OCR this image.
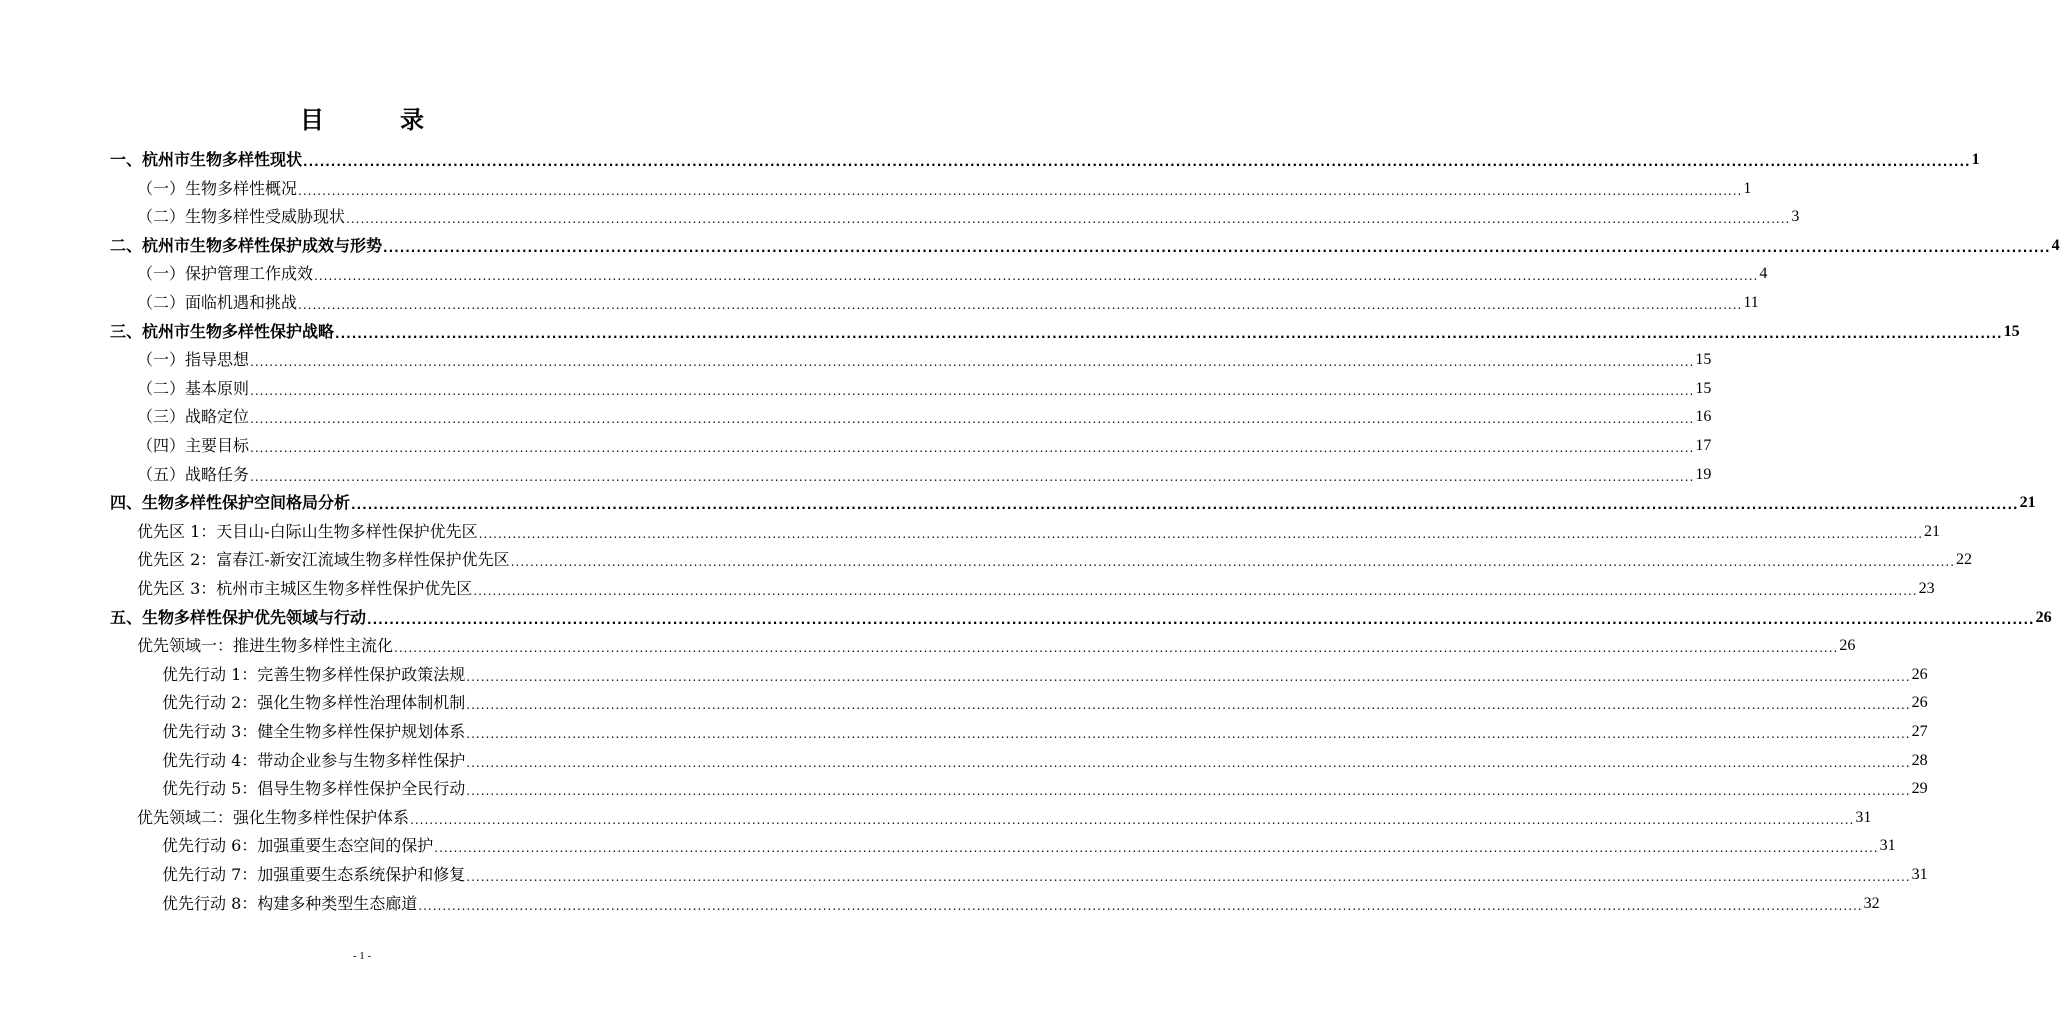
目　录
一、杭州市生物多样性现状 ............................................................................................................................................................................................................................................................................................................ 1
（一）生物多样性概况 ............................................................................................................................................................................................................................................................................................................ 1
（二）生物多样性受威胁现状 ............................................................................................................................................................................................................................................................................................................ 3
二、杭州市生物多样性保护成效与形势 ............................................................................................................................................................................................................................................................................................................ 4
（一）保护管理工作成效 ............................................................................................................................................................................................................................................................................................................ 4
（二）面临机遇和挑战 ............................................................................................................................................................................................................................................................................................................ 11
三、杭州市生物多样性保护战略 ............................................................................................................................................................................................................................................................................................................ 15
（一）指导思想 ............................................................................................................................................................................................................................................................................................................ 15
（二）基本原则 ............................................................................................................................................................................................................................................................................................................ 15
（三）战略定位 ............................................................................................................................................................................................................................................................................................................ 16
（四）主要目标 ............................................................................................................................................................................................................................................................................................................ 17
（五）战略任务 ............................................................................................................................................................................................................................................................................................................ 19
四、生物多样性保护空间格局分析 ............................................................................................................................................................................................................................................................................................................ 21
优先区 1：天目山-白际山生物多样性保护优先区 ............................................................................................................................................................................................................................................................................................................ 21
优先区 2：富春江-新安江流域生物多样性保护优先区 ............................................................................................................................................................................................................................................................................................................ 22
优先区 3：杭州市主城区生物多样性保护优先区 ............................................................................................................................................................................................................................................................................................................ 23
五、生物多样性保护优先领域与行动 ............................................................................................................................................................................................................................................................................................................ 26
优先领域一：推进生物多样性主流化 ............................................................................................................................................................................................................................................................................................................ 26
优先行动 1：完善生物多样性保护政策法规 ............................................................................................................................................................................................................................................................................................................ 26
优先行动 2：强化生物多样性治理体制机制 ............................................................................................................................................................................................................................................................................................................ 26
优先行动 3：健全生物多样性保护规划体系 ............................................................................................................................................................................................................................................................................................................ 27
优先行动 4：带动企业参与生物多样性保护 ............................................................................................................................................................................................................................................................................................................ 28
优先行动 5：倡导生物多样性保护全民行动 ............................................................................................................................................................................................................................................................................................................ 29
优先领域二：强化生物多样性保护体系 ............................................................................................................................................................................................................................................................................................................ 31
优先行动 6：加强重要生态空间的保护 ............................................................................................................................................................................................................................................................................................................ 31
优先行动 7：加强重要生态系统保护和修复 ............................................................................................................................................................................................................................................................................................................ 31
优先行动 8：构建多种类型生态廊道 ............................................................................................................................................................................................................................................................................................................ 32
- 1 -
